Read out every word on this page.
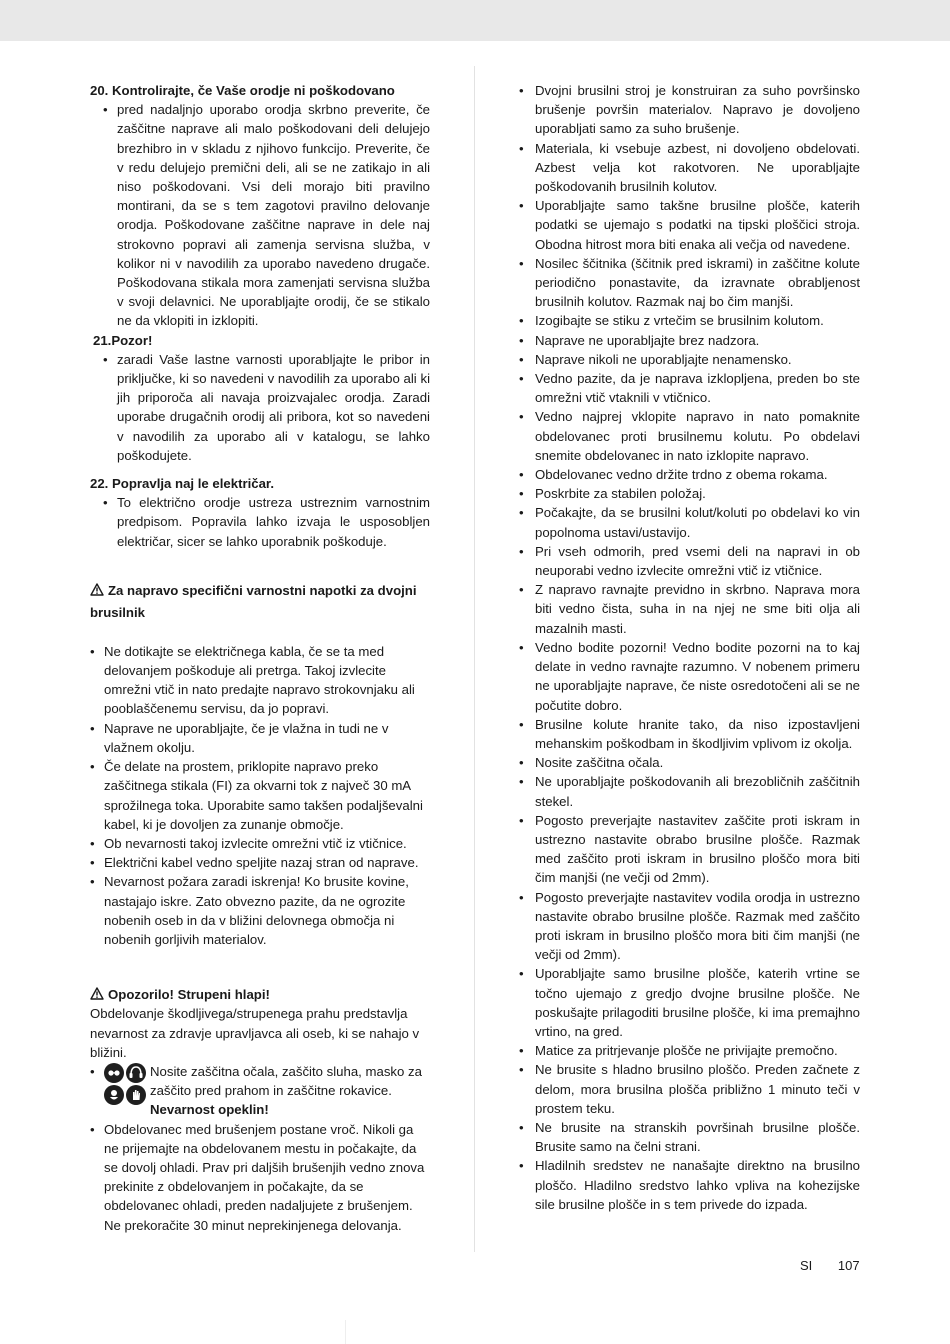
20. Kontrolirajte, če Vaše orodje ni poškodovano
• pred nadaljnjo uporabo orodja skrbno preverite, če zaščitne naprave ali malo poškodovani deli delujejo brezhibro in v skladu z njihovo funkcijo. Preverite, če v redu delujejo premični deli, ali se ne zatikajo in ali niso poškodovani. Vsi deli morajo biti pravilno montirani, da se s tem zagotovi pravilno delovanje orodja. Poškodovane zaščitne naprave in dele naj strokovno popravi ali zamenja servisna služba, v kolikor ni v navodilih za uporabo navedeno drugače. Poškodovana stikala mora zamenjati servisna služba v svoji delavnici. Ne uporabljajte orodij, če se stikalo ne da vklopiti in izklopiti.
21.Pozor!
• zaradi Vaše lastne varnosti uporabljajte le pribor in priključke, ki so navedeni v navodilih za uporabo ali ki jih priporoča ali navaja proizvajalec orodja. Zaradi uporabe drugačnih orodij ali pribora, kot so navedeni v navodilih za uporabo ali v katalogu, se lahko poškodujete.
22. Popravlja naj le električar.
• To električno orodje ustreza ustreznim varnostnim predpisom. Popravila lahko izvaja le usposobljen električar, sicer se lahko uporabnik poškoduje.
Za napravo specifični varnostni napotki za dvojni brusilnik
• Ne dotikajte se električnega kabla, če se ta med delovanjem poškoduje ali pretrga. Takoj izvlecite omrežni vtič in nato predajte napravo strokovnjaku ali pooblaščenemu servisu, da jo popravi.
• Naprave ne uporabljajte, če je vlažna in tudi ne v vlažnem okolju.
• Če delate na prostem, priklopite napravo preko zaščitnega stikala (FI) za okvarni tok z največ 30 mA sprožilnega toka. Uporabite samo takšen podaljševalni kabel, ki je dovoljen za zunanje območje.
• Ob nevarnosti takoj izvlecite omrežni vtič iz vtičnice.
• Električni kabel vedno speljite nazaj stran od naprave.
• Nevarnost požara zaradi iskrenja! Ko brusite kovine, nastajajo iskre. Zato obvezno pazite, da ne ogrozite nobenih oseb in da v bližini delovnega območja ni nobenih gorljivih materialov.
Opozorilo! Strupeni hlapi!
Obdelovanje škodljivega/strupenega prahu predstavlja nevarnost za zdravje upravljavca ali oseb, ki se nahajo v bližini.
• Nosite zaščitna očala, zaščito sluha, masko za zaščito pred prahom in zaščitne rokavice.
Nevarnost opeklin!
• Obdelovanec med brušenjem postane vroč. Nikoli ga ne prijemajte na obdelovanem mestu in počakajte, da se dovolj ohladi. Prav pri daljših brušenjih vedno znova prekinite z obdelovanjem in počakajte, da se obdelovanec ohladi, preden nadaljujete z brušenjem. Ne prekoračite 30 minut neprekinjenega delovanja.
• Dvojni brusilni stroj je konstruiran za suho površinsko brušenje površin materialov. Napravo je dovoljeno uporabljati samo za suho brušenje.
• Materiala, ki vsebuje azbest, ni dovoljeno obdelovati. Azbest velja kot rakotvoren. Ne uporabljajte poškodovanih brusilnih kolutov.
• Uporabljajte samo takšne brusilne plošče, katerih podatki se ujemajo s podatki na tipski ploščici stroja. Obodna hitrost mora biti enaka ali večja od navedene.
• Nosilec ščitnika (ščitnik pred iskrami) in zaščitne kolute periodično ponastavite, da izravnate obrabljenost brusilnih kolutov. Razmak naj bo čim manjši.
• Izogibajte se stiku z vrtečim se brusilnim kolutom.
• Naprave ne uporabljajte brez nadzora.
• Naprave nikoli ne uporabljajte nenamensko.
• Vedno pazite, da je naprava izklopljena, preden bo ste omrežni vtič vtaknili v vtičnico.
• Vedno najprej vklopite napravo in nato pomaknite obdelovanec proti brusilnemu kolutu. Po obdelavi snemite obdelovanec in nato izklopite napravo.
• Obdelovanec vedno držite trdno z obema rokama.
• Poskrbite za stabilen položaj.
• Počakajte, da se brusilni kolut/koluti po obdelavi ko vin popolnoma ustavi/ustavijo.
• Pri vseh odmorih, pred vsemi deli na napravi in ob neuporabi vedno izvlecite omrežni vtič iz vtičnice.
• Z napravo ravnajte previdno in skrbno. Naprava mora biti vedno čista, suha in na njej ne sme biti olja ali mazalnih masti.
• Vedno bodite pozorni! Vedno bodite pozorni na to kaj delate in vedno ravnajte razumno. V nobenem primeru ne uporabljajte naprave, če niste osredotočeni ali se ne počutite dobro.
• Brusilne kolute hranite tako, da niso izpostavljeni mehanskim poškodbam in škodljivim vplivom iz okolja.
• Nosite zaščitna očala.
• Ne uporabljajte poškodovanih ali brezobličnih zaščitnih stekel.
• Pogosto preverjajte nastavitev zaščite proti iskram in ustrezno nastavite obrabo brusilne plošče. Razmak med zaščito proti iskram in brusilno ploščo mora biti čim manjši (ne večji od 2mm).
• Pogosto preverjajte nastavitev vodila orodja in ustrezno nastavite obrabo brusilne plošče. Razmak med zaščito proti iskram in brusilno ploščo mora biti čim manjši (ne večji od 2mm).
• Uporabljajte samo brusilne plošče, katerih vrtine se točno ujemajo z gredjo dvojne brusilne plošče. Ne poskušajte prilagoditi brusilne plošče, ki ima premajhno vrtino, na gred.
• Matice za pritrjevanje plošče ne privijajte premočno.
• Ne brusite s hladno brusilno ploščo. Preden začnete z delom, mora brusilna plošča približno 1 minuto teči v prostem teku.
• Ne brusite na stranskih površinah brusilne plošče. Brusite samo na čelni strani.
• Hladilnih sredstev ne nanašajte direktno na brusilno ploščo. Hladilno sredstvo lahko vpliva na kohezijske sile brusilne plošče in s tem privede do izpada.
SI 107
